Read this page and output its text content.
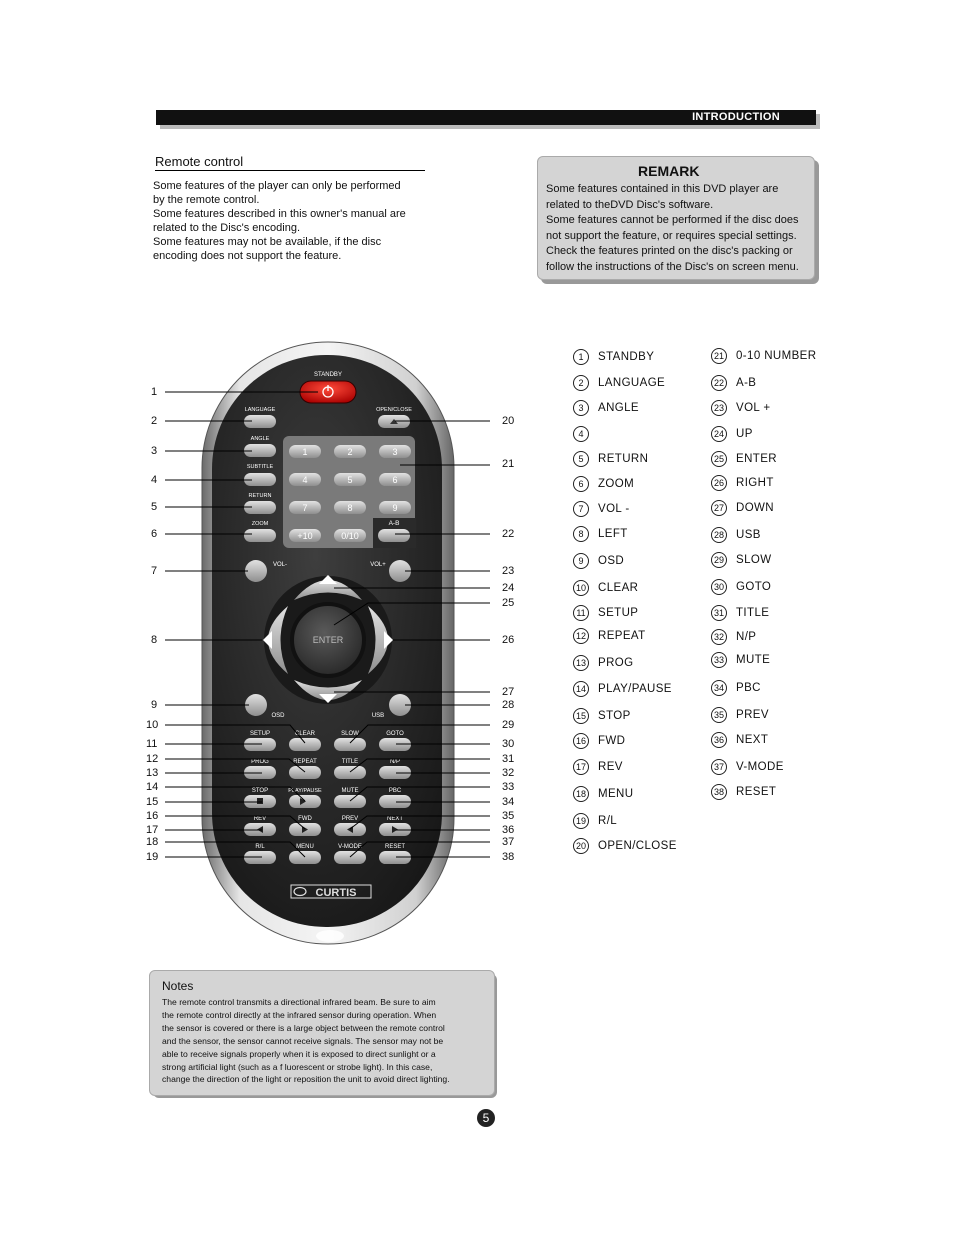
INTRODUCTION
Remote control
Some features of the player can only be performed
by the remote control.
Some features described in this owner's manual are
related to the Disc's encoding.
Some features may not be available, if the disc
encoding does not support the feature.
REMARK
Some features contained in this DVD player are
related to theDVD Disc's software.
Some features cannot be performed if the disc does
not support the feature, or requires special settings.
Check the features printed on the disc's packing or
follow the instructions of the Disc's on screen menu.
STANDBY
LANGUAGE
ANGLE
SUBTITLE
RETURN
ZOOM
OPEN/CLOSE
A-B
1	2	3
4	5	6
7	8	9
+10	0/10
VOL-	VOL+
ENTER
OSD	USB
SETUP	CLEAR	SLOW	GOTO
PROG	REPEAT	TITLE	N/P
STOP	PLAY/PAUSE	MUTE	PBC
REV	FWD	PREV	NEXT
R/L	MENU	V-MODE	RESET
CURTIS
1
2
3
4
5
6
7
8
9
10
11
12
13
14
15
16
17
18
19
20
21
22
23
24
25
26
27
28
29
30
31
32
33
34
35
36
37
38
1	STANDBY
2	LANGUAGE
3	ANGLE
4
5	RETURN
6	ZOOM
7	VOL -
8	LEFT
9	OSD
10 CLEAR
11 SETUP
12 REPEAT
13 PROG
14 PLAY/PAUSE
15 STOP
16 FWD
17 REV
18 MENU
19 R/L
20 OPEN/CLOSE
21 0-10 NUMBER
22 A-B
23 VOL +
24 UP
25 ENTER
26 RIGHT
27 DOWN
28 USB
29 SLOW
30 GOTO
31 TITLE
32 N/P
33 MUTE
34 PBC
35 PREV
36 NEXT
37 V-MODE
38 RESET
Notes
The remote control transmits a directional infrared beam. Be sure to aim
the remote control directly at the infrared sensor during operation. When
the sensor is covered or there is a large object between the remote control
and the sensor, the sensor cannot receive signals. The sensor may not be
able to receive signals properly when it is exposed to direct sunlight or a
strong artificial light (such as a f luorescent or strobe light). In this case,
change the direction of the light or reposition the unit to avoid direct lighting.
5
